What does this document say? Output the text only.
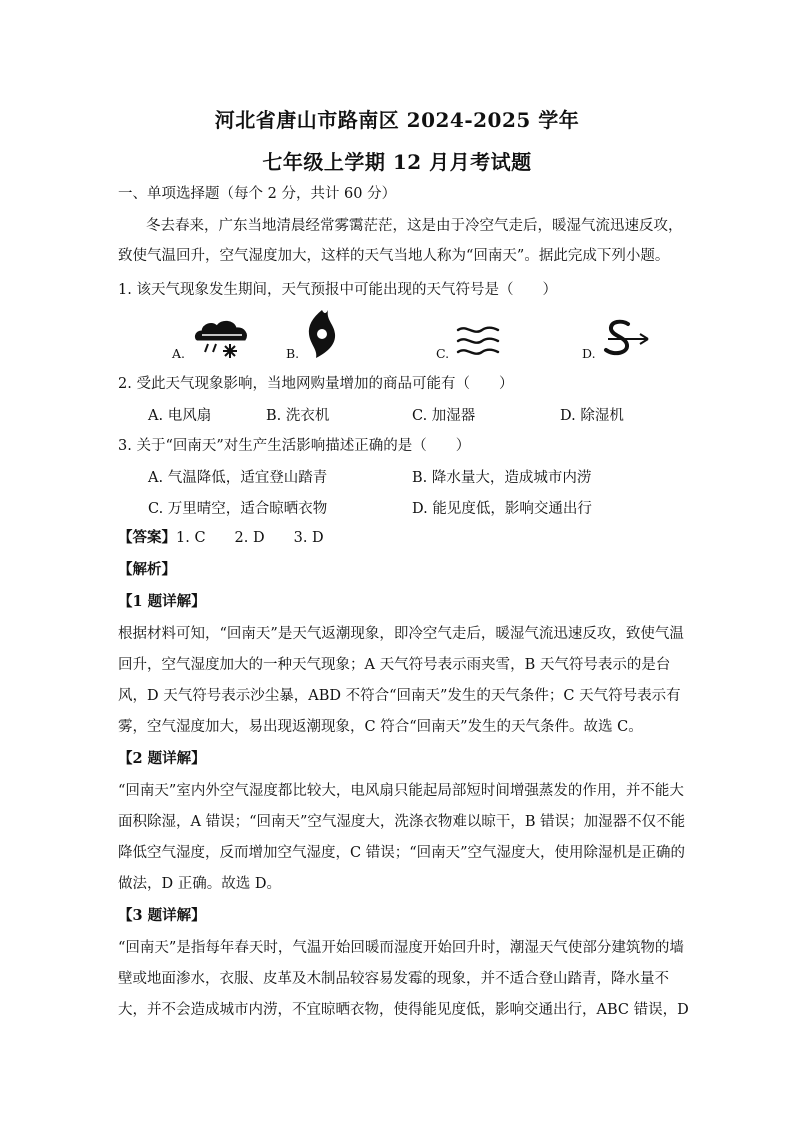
河北省唐山市路南区 2024-2025 学年
七年级上学期 12 月月考试题
一、单项选择题（每个 2 分，共计 60 分）
冬去春来，广东当地清晨经常雾霭茫茫，这是由于冷空气走后，暖湿气流迅速反攻，
致使气温回升，空气湿度加大，这样的天气当地人称为“回南天”。据此完成下列小题。
1. 该天气现象发生期间，天气预报中可能出现的天气符号是（　　）
A.	B.	C.	D.
2. 受此天气现象影响，当地网购量增加的商品可能有（　　）
A. 电风扇	B. 洗衣机	C. 加湿器	D. 除湿机
3. 关于“回南天”对生产生活影响描述正确的是（　　）
A. 气温降低，适宜登山踏青	B. 降水量大，造成城市内涝
C. 万里晴空，适合晾晒衣物	D. 能见度低，影响交通出行
【答案】1. C　　2. D　　3. D
【解析】
【1 题详解】
根据材料可知，“回南天”是天气返潮现象，即冷空气走后，暖湿气流迅速反攻，致使气温
回升，空气湿度加大的一种天气现象；A 天气符号表示雨夹雪，B 天气符号表示的是台
风，D 天气符号表示沙尘暴，ABD 不符合“回南天”发生的天气条件；C 天气符号表示有
雾，空气湿度加大，易出现返潮现象，C 符合“回南天”发生的天气条件。故选 C。
【2 题详解】
“回南天”室内外空气湿度都比较大，电风扇只能起局部短时间增强蒸发的作用，并不能大
面积除湿，A 错误；“回南天”空气湿度大，洗涤衣物难以晾干，B 错误；加湿器不仅不能
降低空气湿度，反而增加空气湿度，C 错误；“回南天”空气湿度大，使用除湿机是正确的
做法，D 正确。故选 D。
【3 题详解】
“回南天”是指每年春天时，气温开始回暖而湿度开始回升时，潮湿天气使部分建筑物的墙
壁或地面渗水，衣服、皮革及木制品较容易发霉的现象，并不适合登山踏青，降水量不
大，并不会造成城市内涝，不宜晾晒衣物，使得能见度低，影响交通出行，ABC 错误，D
